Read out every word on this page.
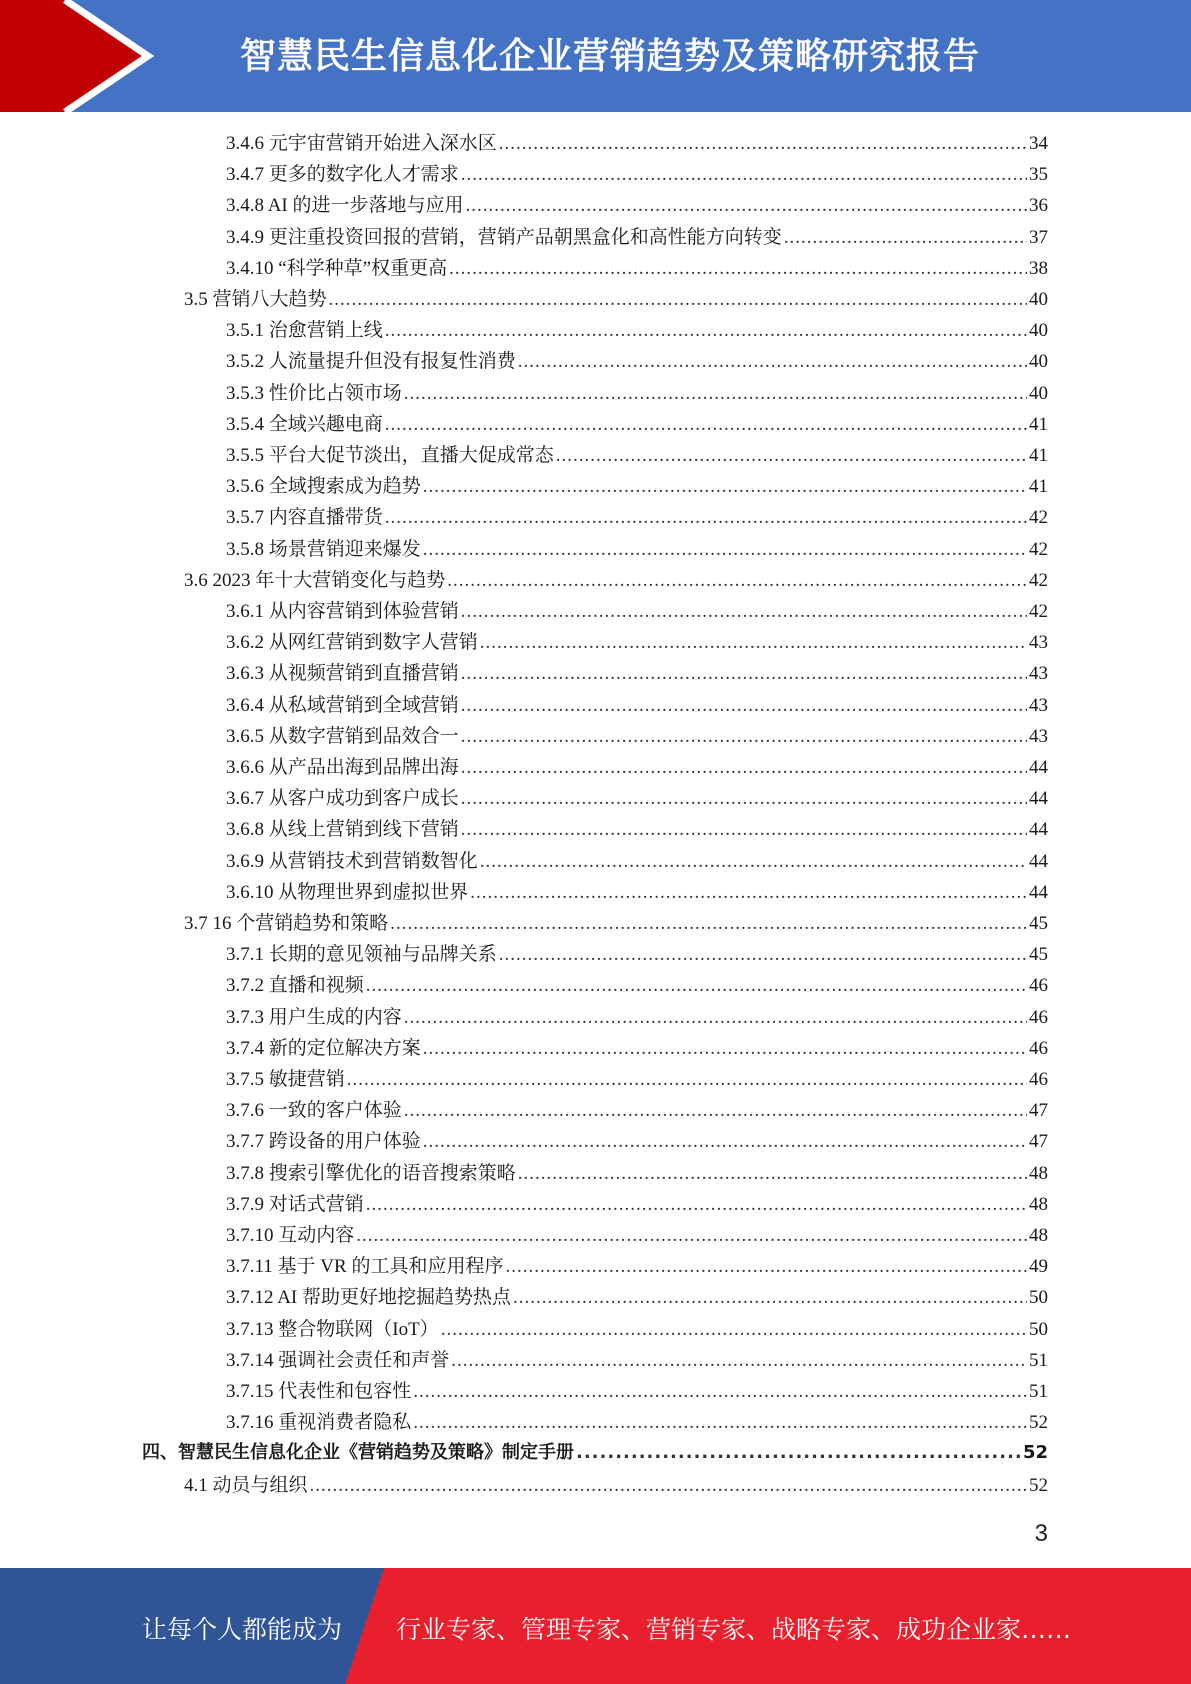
智慧民生信息化企业营销趋势及策略研究报告
3.4.6 元宇宙营销开始进入深水区 .....	34
3.4.7 更多的数字化人才需求 .....	35
3.4.8 AI 的进一步落地与应用 .....	36
3.4.9 更注重投资回报的营销，营销产品朝黑盒化和高性能方向转变 .....	37
3.4.10 “科学种草”权重更高 .....	38
3.5 营销八大趋势 .....	40
3.5.1 治愈营销上线 .....	40
3.5.2 人流量提升但没有报复性消费 .....	40
3.5.3 性价比占领市场 .....	40
3.5.4 全域兴趣电商 .....	41
3.5.5 平台大促节淡出，直播大促成常态 .....	41
3.5.6 全域搜索成为趋势 .....	41
3.5.7 内容直播带货 .....	42
3.5.8 场景营销迎来爆发 .....	42
3.6 2023 年十大营销变化与趋势 .....	42
3.6.1 从内容营销到体验营销 .....	42
3.6.2 从网红营销到数字人营销 .....	43
3.6.3 从视频营销到直播营销 .....	43
3.6.4 从私域营销到全域营销 .....	43
3.6.5 从数字营销到品效合一 .....	43
3.6.6 从产品出海到品牌出海 .....	44
3.6.7 从客户成功到客户成长 .....	44
3.6.8 从线上营销到线下营销 .....	44
3.6.9 从营销技术到营销数智化 .....	44
3.6.10 从物理世界到虚拟世界 .....	44
3.7 16 个营销趋势和策略 .....	45
3.7.1 长期的意见领袖与品牌关系 .....	45
3.7.2 直播和视频 .....	46
3.7.3 用户生成的内容 .....	46
3.7.4 新的定位解决方案 .....	46
3.7.5 敏捷营销 .....	46
3.7.6 一致的客户体验 .....	47
3.7.7 跨设备的用户体验 .....	47
3.7.8 搜索引擎优化的语音搜索策略 .....	48
3.7.9 对话式营销 .....	48
3.7.10 互动内容 .....	48
3.7.11 基于 VR 的工具和应用程序 .....	49
3.7.12 AI 帮助更好地挖掘趋势热点 .....	50
3.7.13 整合物联网（IoT） .....	50
3.7.14 强调社会责任和声誉 .....	51
3.7.15 代表性和包容性 .....	51
3.7.16 重视消费者隐私 .....	52
四、智慧民生信息化企业《营销趋势及策略》制定手册 .....	52
4.1 动员与组织 .....	52
3
让每个人都能成为 行业专家、管理专家、营销专家、战略专家、成功企业家……
